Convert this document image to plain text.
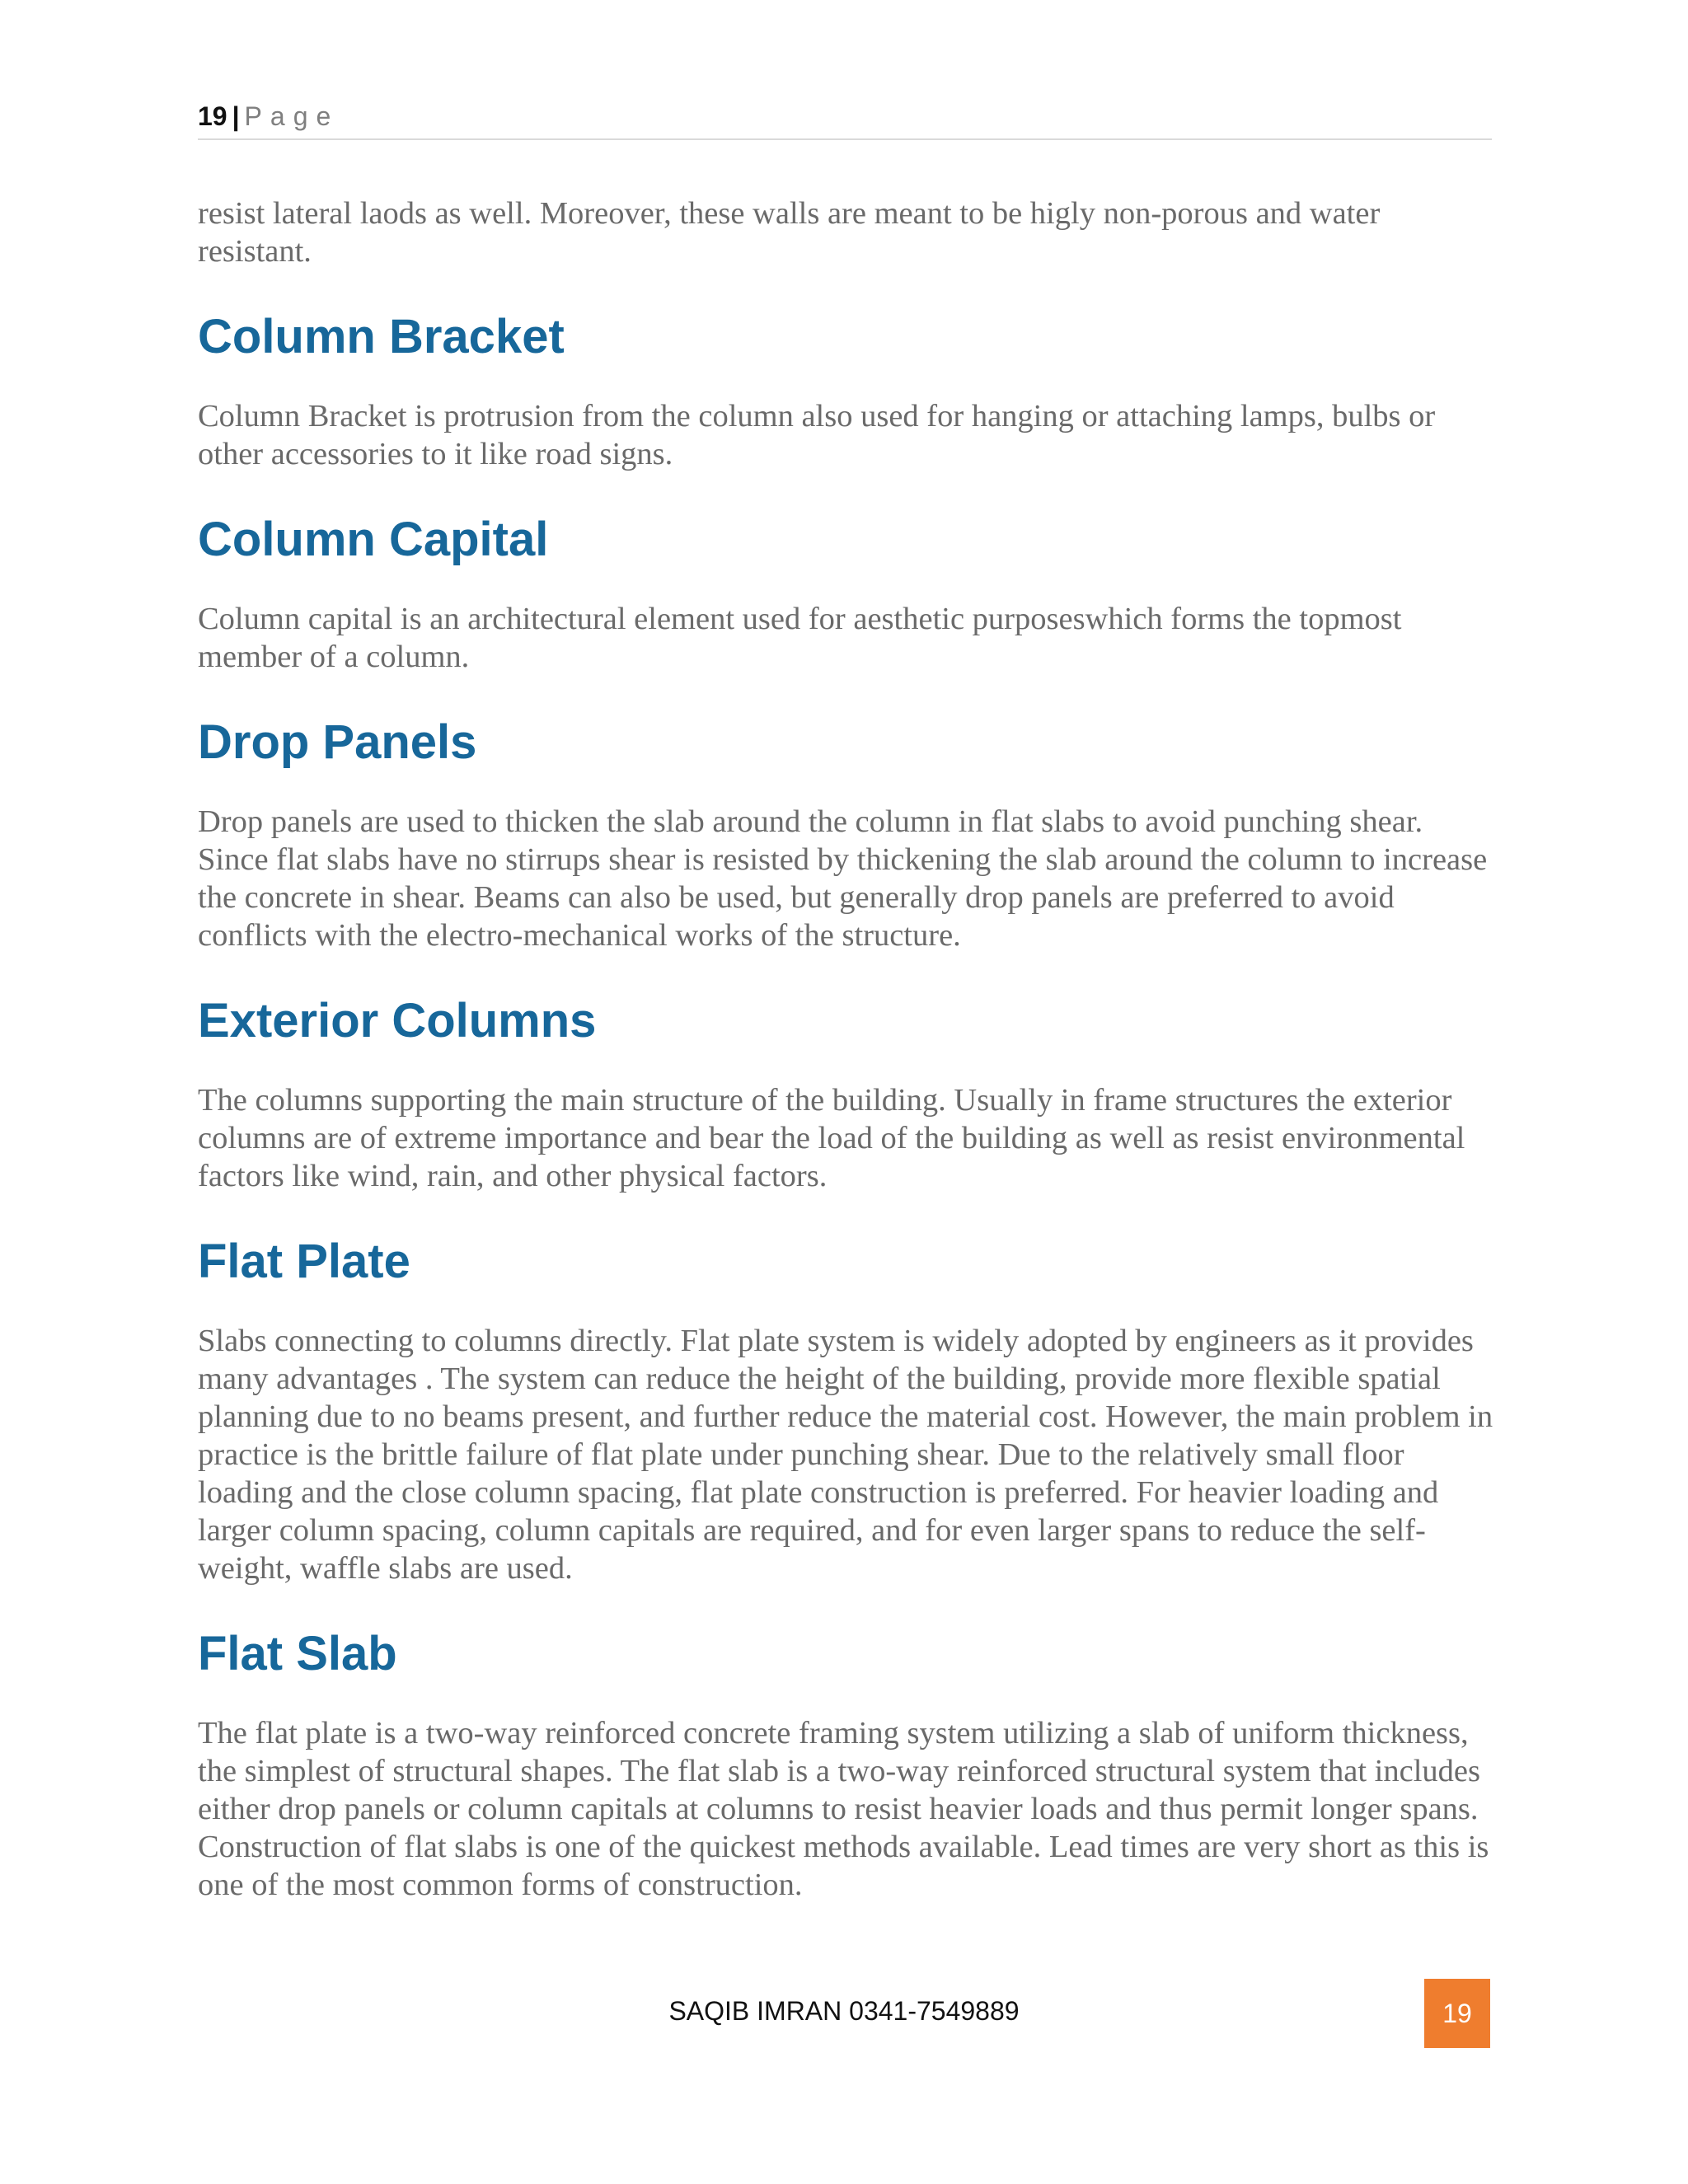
19 | Page

resist lateral laods as well. Moreover, these walls are meant to be higly non-porous and water resistant.

Column Bracket

Column Bracket is protrusion from the column also used for hanging or attaching lamps, bulbs or other accessories to it like road signs.

Column Capital

Column capital is an architectural element used for aesthetic purposeswhich forms the topmost member of a column.

Drop Panels

Drop panels are used to thicken the slab around the column in flat slabs to avoid punching shear. Since flat slabs have no stirrups shear is resisted by thickening the slab around the column to increase the concrete in shear. Beams can also be used, but generally drop panels are preferred to avoid conflicts with the electro-mechanical works of the structure.

Exterior Columns

The columns supporting the main structure of the building. Usually in frame structures the exterior columns are of extreme importance and bear the load of the building as well as resist environmental factors like wind, rain, and other physical factors.

Flat Plate

Slabs connecting to columns directly. Flat plate system is widely adopted by engineers as it provides many advantages . The system can reduce the height of the building, provide more flexible spatial planning due to no beams present, and further reduce the material cost. However, the main problem in practice is the brittle failure of flat plate under punching shear. Due to the relatively small floor loading and the close column spacing, flat plate construction is preferred. For heavier loading and larger column spacing, column capitals are required, and for even larger spans to reduce the self-weight, waffle slabs are used.

Flat Slab

The flat plate is a two-way reinforced concrete framing system utilizing a slab of uniform thickness, the simplest of structural shapes. The flat slab is a two-way reinforced structural system that includes either drop panels or column capitals at columns to resist heavier loads and thus permit longer spans. Construction of flat slabs is one of the quickest methods available. Lead times are very short as this is one of the most common forms of construction.

SAQIB IMRAN 0341-7549889	19
